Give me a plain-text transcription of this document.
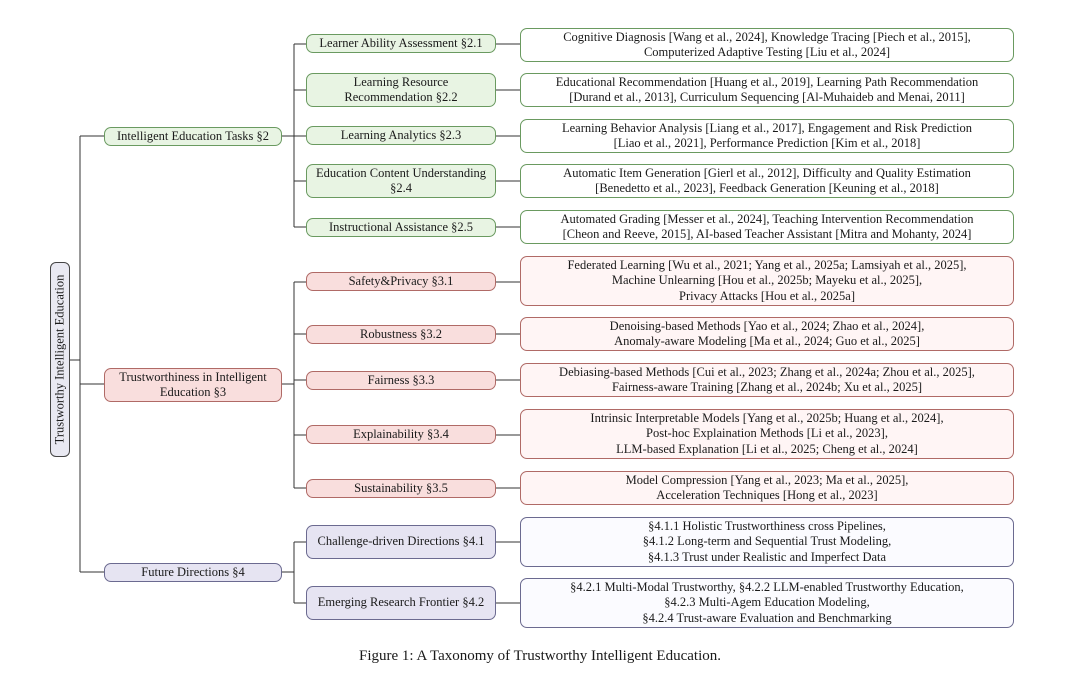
Trustworthy Intelligent Education
Intelligent Education Tasks §2
Trustworthiness in Intelligent Education §3
Future Directions §4
Learner Ability Assessment §2.1
Learning Resource Recommendation §2.2
Learning Analytics §2.3
Education Content Understanding §2.4
Instructional Assistance §2.5
Safety&Privacy §3.1
Robustness §3.2
Fairness §3.3
Explainability §3.4
Sustainability §3.5
Challenge-driven Directions §4.1
Emerging Research Frontier §4.2
Cognitive Diagnosis [Wang et al., 2024], Knowledge Tracing [Piech et al., 2015],
Computerized Adaptive Testing [Liu et al., 2024]
Educational Recommendation [Huang et al., 2019], Learning Path Recommendation
[Durand et al., 2013], Curriculum Sequencing [Al-Muhaideb and Menai, 2011]
Learning Behavior Analysis [Liang et al., 2017], Engagement and Risk Prediction
[Liao et al., 2021], Performance Prediction [Kim et al., 2018]
Automatic Item Generation [Gierl et al., 2012], Difficulty and Quality Estimation
[Benedetto et al., 2023], Feedback Generation [Keuning et al., 2018]
Automated Grading [Messer et al., 2024], Teaching Intervention Recommendation
[Cheon and Reeve, 2015], AI-based Teacher Assistant [Mitra and Mohanty, 2024]
Federated Learning [Wu et al., 2021; Yang et al., 2025a; Lamsiyah et al., 2025],
Machine Unlearning [Hou et al., 2025b; Mayeku et al., 2025],
Privacy Attacks [Hou et al., 2025a]
Denoising-based Methods [Yao et al., 2024; Zhao et al., 2024],
Anomaly-aware Modeling [Ma et al., 2024; Guo et al., 2025]
Debiasing-based Methods [Cui et al., 2023; Zhang et al., 2024a; Zhou et al., 2025],
Fairness-aware Training [Zhang et al., 2024b; Xu et al., 2025]
Intrinsic Interpretable Models [Yang et al., 2025b; Huang et al., 2024],
Post-hoc Explaination Methods [Li et al., 2023],
LLM-based Explanation [Li et al., 2025; Cheng et al., 2024]
Model Compression [Yang et al., 2023; Ma et al., 2025],
Acceleration Techniques [Hong et al., 2023]
§4.1.1 Holistic Trustworthiness cross Pipelines,
§4.1.2 Long-term and Sequential Trust Modeling,
§4.1.3 Trust under Realistic and Imperfect Data
§4.2.1 Multi-Modal Trustworthy, §4.2.2 LLM-enabled Trustworthy Education,
§4.2.3 Multi-Agem Education Modeling,
§4.2.4 Trust-aware Evaluation and Benchmarking
Figure 1: A Taxonomy of Trustworthy Intelligent Education.
